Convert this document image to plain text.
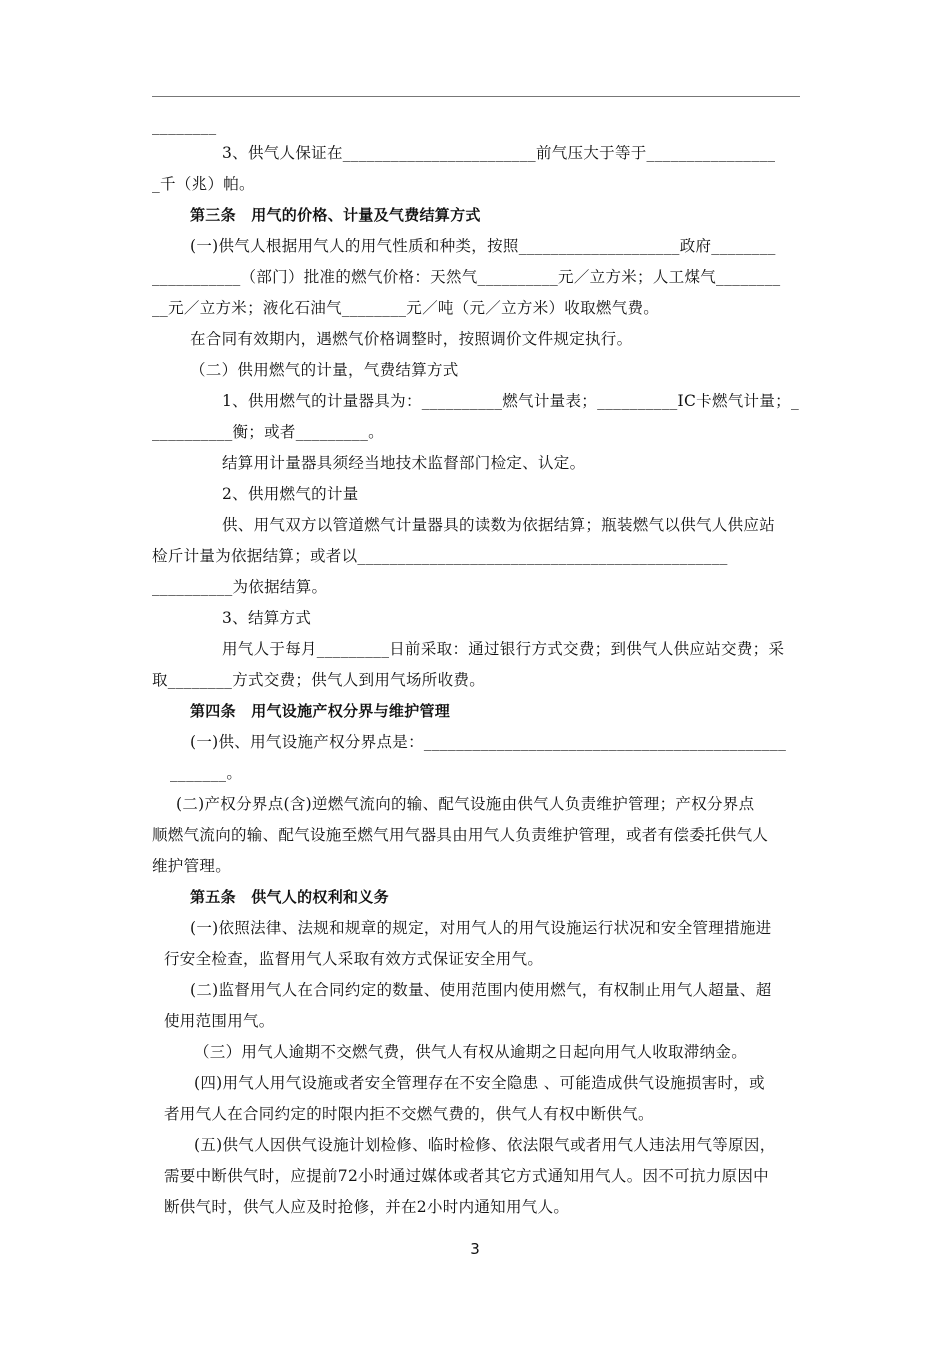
________
3、供气人保证在________________________前气压大于等于________________
_千（兆）帕。
第三条　用气的价格、计量及气费结算方式
(一)供气人根据用气人的用气性质和种类，按照____________________政府________
___________（部门）批准的燃气价格：天然气__________元／立方米；人工煤气________
__元／立方米；液化石油气________元／吨（元／立方米）收取燃气费。
在合同有效期内，遇燃气价格调整时，按照调价文件规定执行。
（二）供用燃气的计量，气费结算方式
1、供用燃气的计量器具为：__________燃气计量表；__________IC卡燃气计量；_
__________衡；或者_________。
结算用计量器具须经当地技术监督部门检定、认定。
2、供用燃气的计量
供、用气双方以管道燃气计量器具的读数为依据结算；瓶装燃气以供气人供应站
检斤计量为依据结算；或者以______________________________________________
__________为依据结算。
3、结算方式
用气人于每月_________日前采取：通过银行方式交费；到供气人供应站交费；采
取________方式交费；供气人到用气场所收费。
第四条　用气设施产权分界与维护管理
(一)供、用气设施产权分界点是：_____________________________________________
_______。
(二)产权分界点(含)逆燃气流向的输、配气设施由供气人负责维护管理；产权分界点
顺燃气流向的输、配气设施至燃气用气器具由用气人负责维护管理，或者有偿委托供气人
维护管理。
第五条　供气人的权利和义务
(一)依照法律、法规和规章的规定，对用气人的用气设施运行状况和安全管理措施进
行安全检查，监督用气人采取有效方式保证安全用气。
(二)监督用气人在合同约定的数量、使用范围内使用燃气，有权制止用气人超量、超
使用范围用气。
（三）用气人逾期不交燃气费，供气人有权从逾期之日起向用气人收取滞纳金。
(四)用气人用气设施或者安全管理存在不安全隐患 、可能造成供气设施损害时，或
者用气人在合同约定的时限内拒不交燃气费的，供气人有权中断供气。
(五)供气人因供气设施计划检修、临时检修、依法限气或者用气人违法用气等原因，
需要中断供气时，应提前72小时通过媒体或者其它方式通知用气人。因不可抗力原因中
断供气时，供气人应及时抢修，并在2小时内通知用气人。
3
